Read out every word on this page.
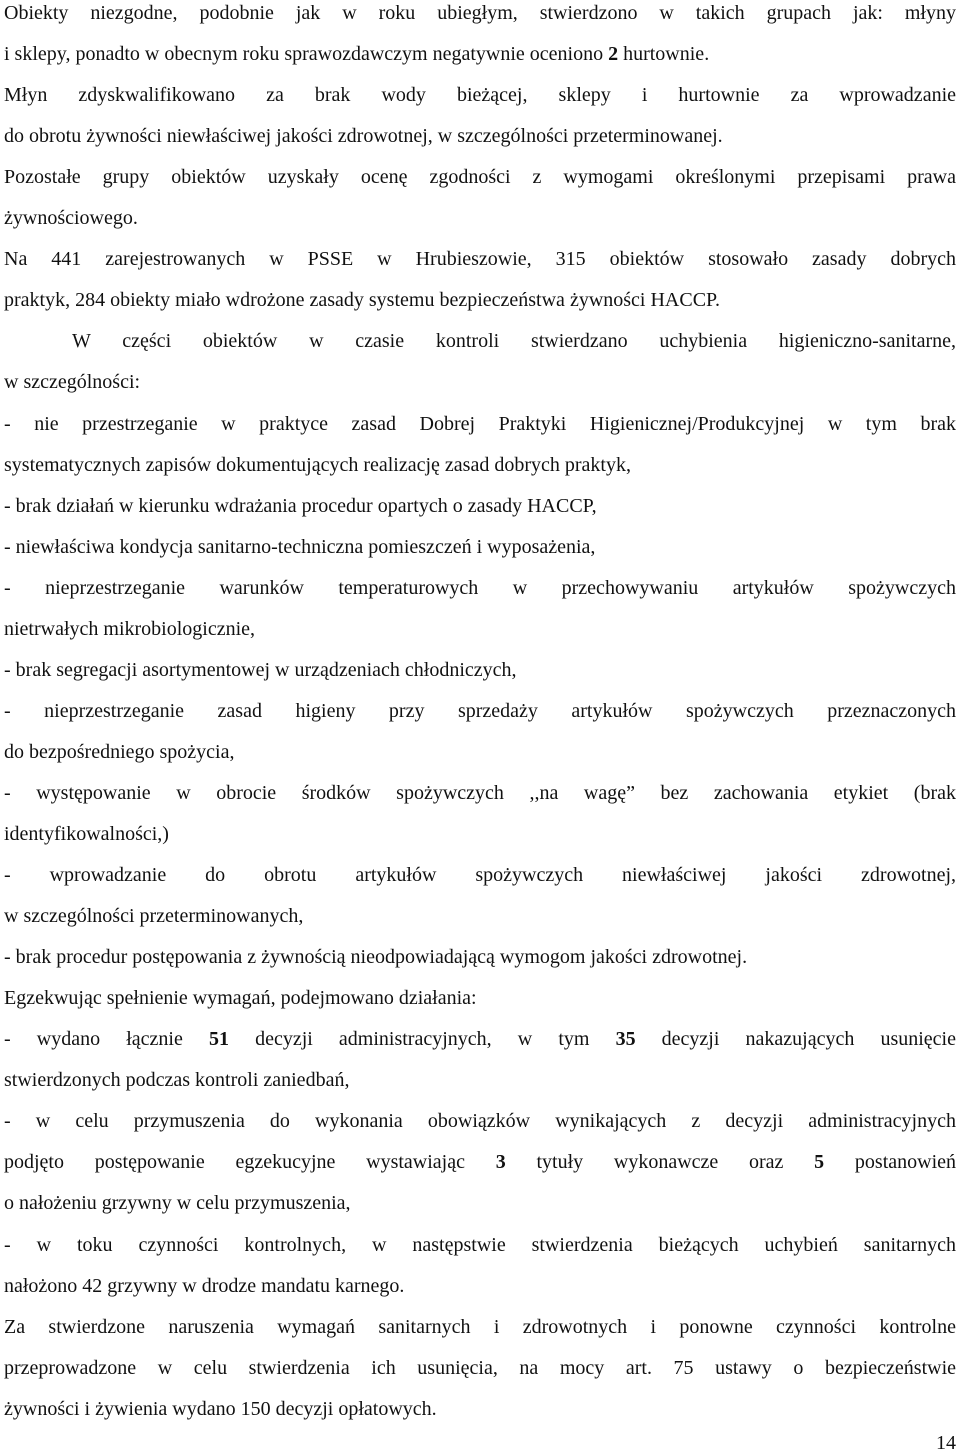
Obiekty niezgodne, podobnie jak w roku ubiegłym, stwierdzono w takich grupach jak: młyny
i sklepy, ponadto w obecnym roku sprawozdawczym negatywnie oceniono 2 hurtownie.
Młyn zdyskwalifikowano za brak wody bieżącej, sklepy i hurtownie za wprowadzanie
do obrotu żywności niewłaściwej jakości zdrowotnej, w szczególności przeterminowanej.
Pozostałe grupy obiektów uzyskały ocenę zgodności z wymogami określonymi przepisami prawa
żywnościowego.
Na 441 zarejestrowanych w PSSE w Hrubieszowie, 315 obiektów stosowało zasady dobrych
praktyk, 284 obiekty miało wdrożone zasady systemu bezpieczeństwa żywności HACCP.
W części obiektów w czasie kontroli stwierdzano uchybienia higieniczno-sanitarne,
w szczególności:
- nie przestrzeganie w praktyce zasad Dobrej Praktyki Higienicznej/Produkcyjnej w tym brak
systematycznych zapisów dokumentujących realizację zasad dobrych praktyk,
- brak działań w kierunku wdrażania procedur opartych o zasady HACCP,
- niewłaściwa kondycja sanitarno-techniczna pomieszczeń i wyposażenia,
- nieprzestrzeganie warunków temperaturowych w przechowywaniu artykułów spożywczych
nietrwałych mikrobiologicznie,
- brak segregacji asortymentowej w urządzeniach chłodniczych,
- nieprzestrzeganie zasad higieny przy sprzedaży artykułów spożywczych przeznaczonych
do bezpośredniego spożycia,
- występowanie w obrocie środków spożywczych ,,na wagę” bez zachowania etykiet (brak
identyfikowalności,)
- wprowadzanie do obrotu artykułów spożywczych niewłaściwej jakości zdrowotnej,
w szczególności przeterminowanych,
- brak procedur postępowania z żywnością nieodpowiadającą wymogom jakości zdrowotnej.
Egzekwując spełnienie wymagań, podejmowano działania:
- wydano łącznie 51 decyzji administracyjnych, w tym 35 decyzji nakazujących usunięcie
stwierdzonych podczas kontroli zaniedbań,
- w celu przymuszenia do wykonania obowiązków wynikających z decyzji administracyjnych
podjęto postępowanie egzekucyjne wystawiając 3 tytuły wykonawcze oraz 5 postanowień
o nałożeniu grzywny w celu przymuszenia,
- w toku czynności kontrolnych, w następstwie stwierdzenia bieżących uchybień sanitarnych
nałożono 42 grzywny w drodze mandatu karnego.
Za stwierdzone naruszenia wymagań sanitarnych i zdrowotnych i ponowne czynności kontrolne
przeprowadzone w celu stwierdzenia ich usunięcia, na mocy art. 75 ustawy o bezpieczeństwie
żywności i żywienia wydano 150 decyzji opłatowych.
14
